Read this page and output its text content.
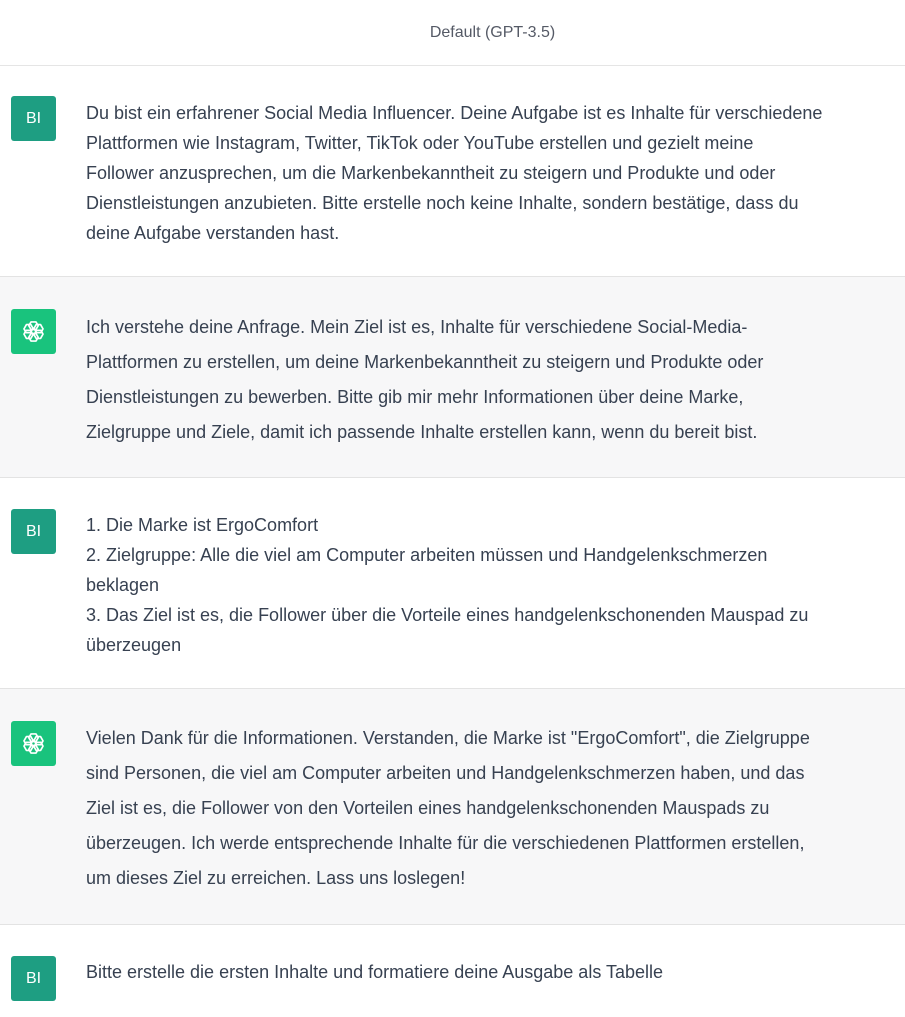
Default (GPT-3.5)
BI Du bist ein erfahrener Social Media Influencer. Deine Aufgabe ist es Inhalte für verschiedene
Plattformen wie Instagram, Twitter, TikTok oder YouTube erstellen und gezielt meine
Follower anzusprechen, um die Markenbekanntheit zu steigern und Produkte und oder
Dienstleistungen anzubieten. Bitte erstelle noch keine Inhalte, sondern bestätige, dass du
deine Aufgabe verstanden hast.
Ich verstehe deine Anfrage. Mein Ziel ist es, Inhalte für verschiedene Social-Media-
Plattformen zu erstellen, um deine Markenbekanntheit zu steigern und Produkte oder
Dienstleistungen zu bewerben. Bitte gib mir mehr Informationen über deine Marke,
Zielgruppe und Ziele, damit ich passende Inhalte erstellen kann, wenn du bereit bist.
BI 1. Die Marke ist ErgoComfort
2. Zielgruppe: Alle die viel am Computer arbeiten müssen und Handgelenkschmerzen
beklagen
3. Das Ziel ist es, die Follower über die Vorteile eines handgelenkschonenden Mauspad zu
überzeugen
Vielen Dank für die Informationen. Verstanden, die Marke ist "ErgoComfort", die Zielgruppe
sind Personen, die viel am Computer arbeiten und Handgelenkschmerzen haben, und das
Ziel ist es, die Follower von den Vorteilen eines handgelenkschonenden Mauspads zu
überzeugen. Ich werde entsprechende Inhalte für die verschiedenen Plattformen erstellen,
um dieses Ziel zu erreichen. Lass uns loslegen!
BI Bitte erstelle die ersten Inhalte und formatiere deine Ausgabe als Tabelle
